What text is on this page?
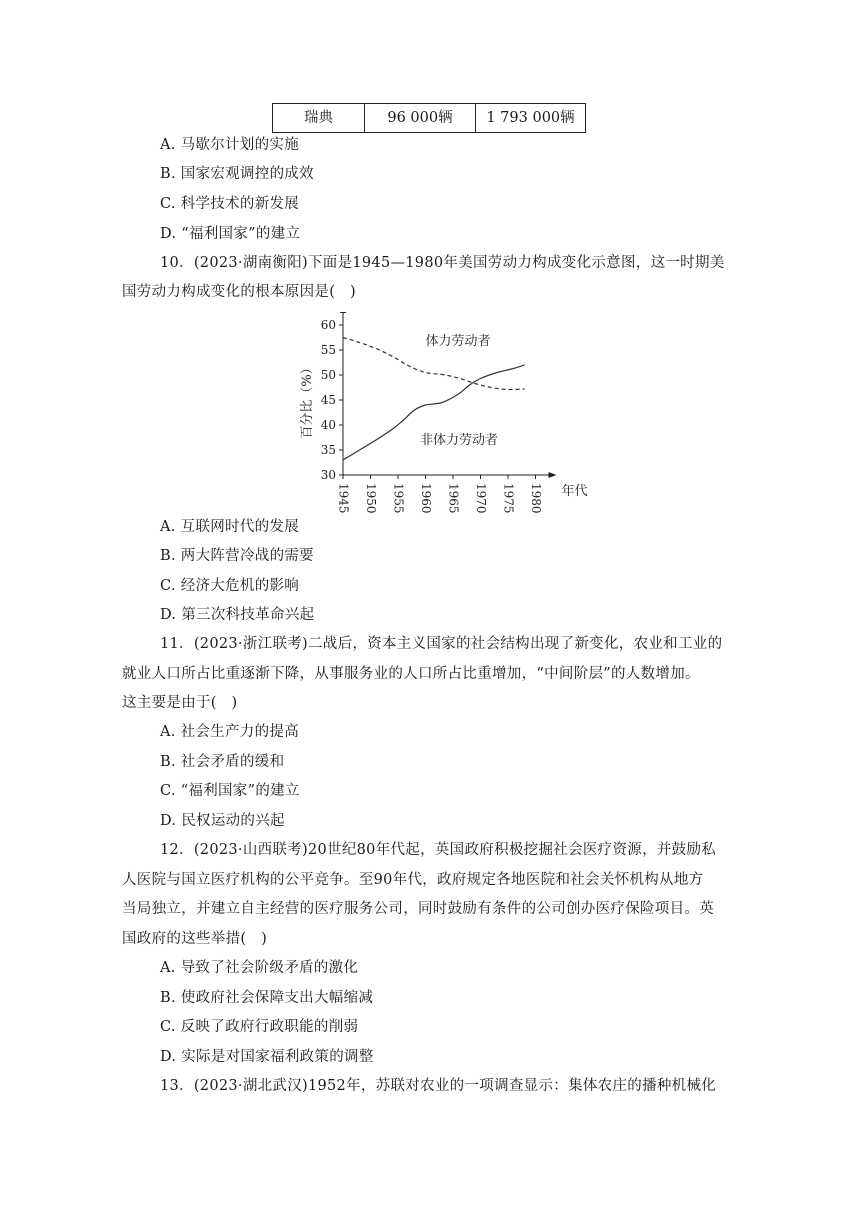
瑞典	96 000辆	1 793 000辆
A. 马歇尔计划的实施
B. 国家宏观调控的成效
C. 科学技术的新发展
D. “福利国家”的建立
10．(2023·湖南衡阳)下面是1945—1980年美国劳动力构成变化示意图，这一时期美
国劳动力构成变化的根本原因是(　)
30
35
40
45
50
55
60
1945 1950 1955 1960 1965 1970 1975 1980 年代
百分比（%）
体力劳动者
非体力劳动者
A. 互联网时代的发展
B. 两大阵营冷战的需要
C. 经济大危机的影响
D. 第三次科技革命兴起
11．(2023·浙江联考)二战后，资本主义国家的社会结构出现了新变化，农业和工业的
就业人口所占比重逐渐下降，从事服务业的人口所占比重增加，“中间阶层”的人数增加。
这主要是由于(　)
A. 社会生产力的提高
B. 社会矛盾的缓和
C. “福利国家”的建立
D. 民权运动的兴起
12．(2023·山西联考)20世纪80年代起，英国政府积极挖掘社会医疗资源，并鼓励私
人医院与国立医疗机构的公平竞争。至90年代，政府规定各地医院和社会关怀机构从地方
当局独立，并建立自主经营的医疗服务公司，同时鼓励有条件的公司创办医疗保险项目。英
国政府的这些举措(　)
A. 导致了社会阶级矛盾的激化
B. 使政府社会保障支出大幅缩减
C. 反映了政府行政职能的削弱
D. 实际是对国家福利政策的调整
13．(2023·湖北武汉)1952年，苏联对农业的一项调查显示：集体农庄的播种机械化
